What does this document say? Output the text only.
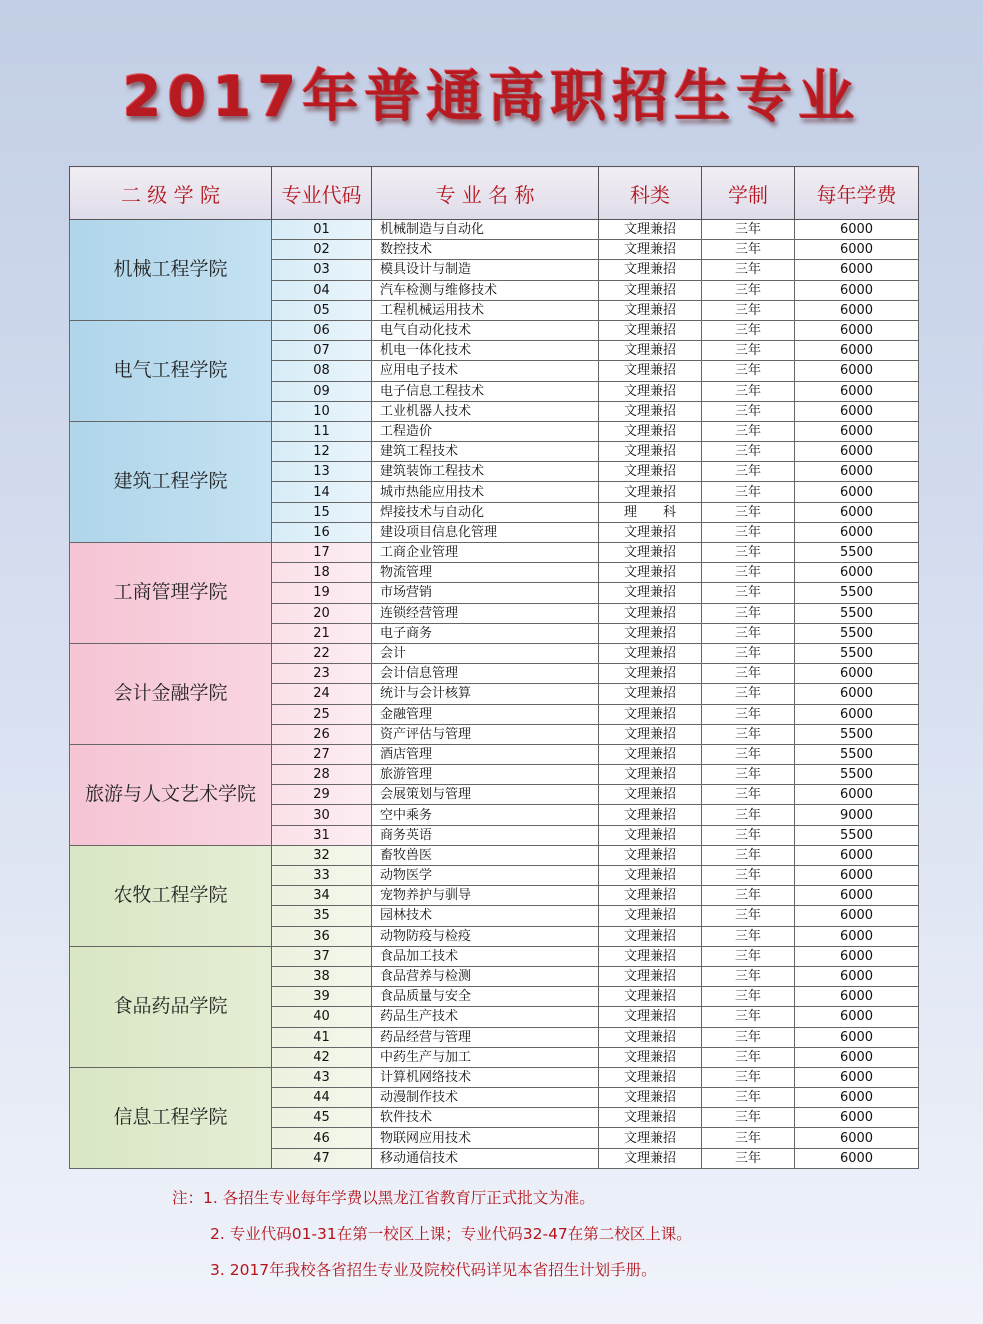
2017年普通高职招生专业
二 级 学 院	专业代码	专 业 名 称	科类	学制	每年学费
机械工程学院	01	机械制造与自动化	文理兼招	三年	6000
	02	数控技术	文理兼招	三年	6000
	03	模具设计与制造	文理兼招	三年	6000
	04	汽车检测与维修技术	文理兼招	三年	6000
	05	工程机械运用技术	文理兼招	三年	6000
电气工程学院	06	电气自动化技术	文理兼招	三年	6000
	07	机电一体化技术	文理兼招	三年	6000
	08	应用电子技术	文理兼招	三年	6000
	09	电子信息工程技术	文理兼招	三年	6000
	10	工业机器人技术	文理兼招	三年	6000
建筑工程学院	11	工程造价	文理兼招	三年	6000
	12	建筑工程技术	文理兼招	三年	6000
	13	建筑装饰工程技术	文理兼招	三年	6000
	14	城市热能应用技术	文理兼招	三年	6000
	15	焊接技术与自动化	理　　科	三年	6000
	16	建设项目信息化管理	文理兼招	三年	6000
工商管理学院	17	工商企业管理	文理兼招	三年	5500
	18	物流管理	文理兼招	三年	6000
	19	市场营销	文理兼招	三年	5500
	20	连锁经营管理	文理兼招	三年	5500
	21	电子商务	文理兼招	三年	5500
会计金融学院	22	会计	文理兼招	三年	5500
	23	会计信息管理	文理兼招	三年	6000
	24	统计与会计核算	文理兼招	三年	6000
	25	金融管理	文理兼招	三年	6000
	26	资产评估与管理	文理兼招	三年	5500
旅游与人文艺术学院	27	酒店管理	文理兼招	三年	5500
	28	旅游管理	文理兼招	三年	5500
	29	会展策划与管理	文理兼招	三年	6000
	30	空中乘务	文理兼招	三年	9000
	31	商务英语	文理兼招	三年	5500
农牧工程学院	32	畜牧兽医	文理兼招	三年	6000
	33	动物医学	文理兼招	三年	6000
	34	宠物养护与驯导	文理兼招	三年	6000
	35	园林技术	文理兼招	三年	6000
	36	动物防疫与检疫	文理兼招	三年	6000
食品药品学院	37	食品加工技术	文理兼招	三年	6000
	38	食品营养与检测	文理兼招	三年	6000
	39	食品质量与安全	文理兼招	三年	6000
	40	药品生产技术	文理兼招	三年	6000
	41	药品经营与管理	文理兼招	三年	6000
	42	中药生产与加工	文理兼招	三年	6000
信息工程学院	43	计算机网络技术	文理兼招	三年	6000
	44	动漫制作技术	文理兼招	三年	6000
	45	软件技术	文理兼招	三年	6000
	46	物联网应用技术	文理兼招	三年	6000
	47	移动通信技术	文理兼招	三年	6000
注：1. 各招生专业每年学费以黑龙江省教育厅正式批文为准。
2. 专业代码01-31在第一校区上课；专业代码32-47在第二校区上课。
3. 2017年我校各省招生专业及院校代码详见本省招生计划手册。
